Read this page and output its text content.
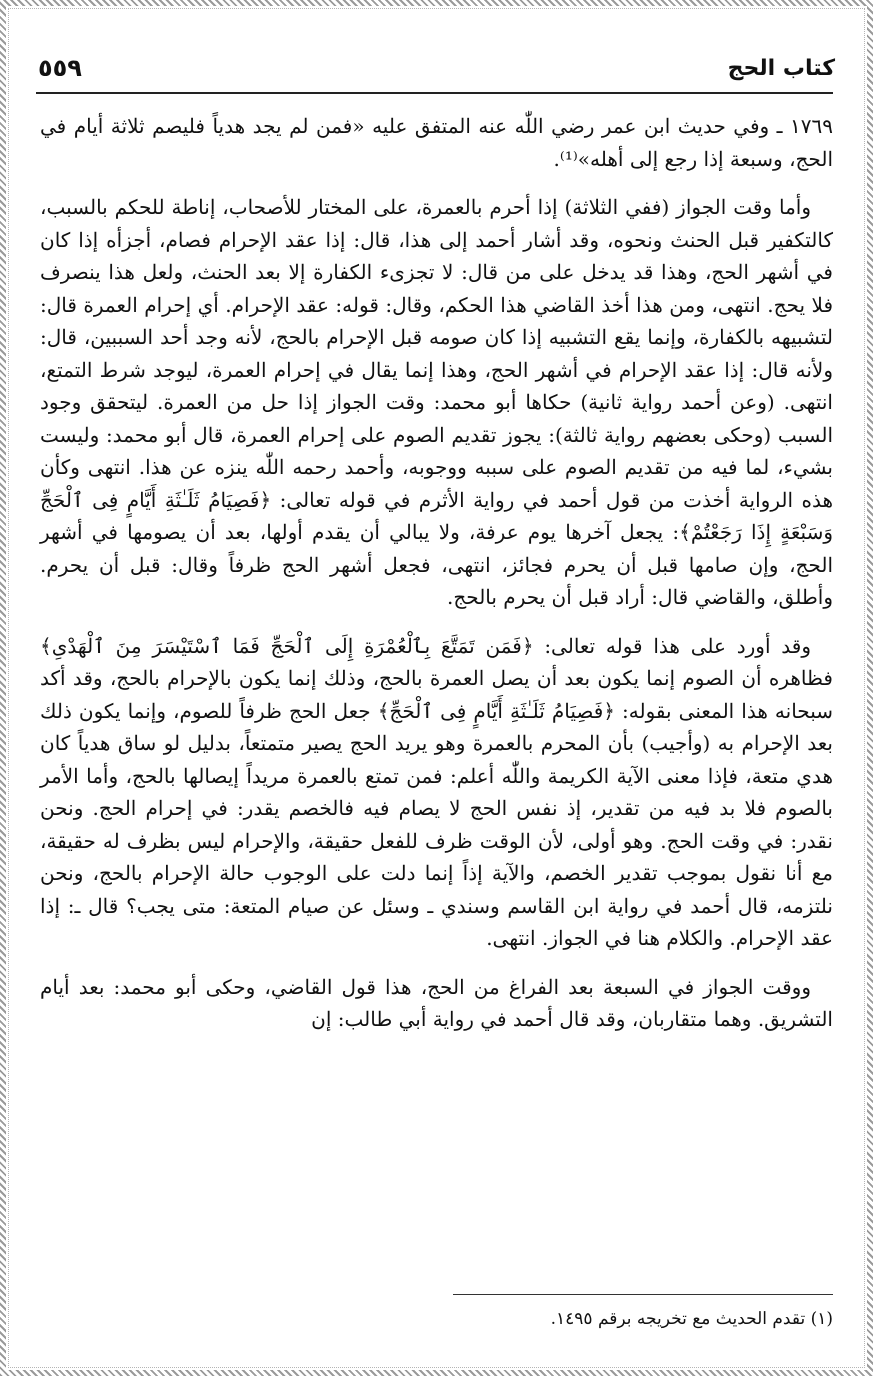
كتاب الحج
٥٥٩

١٧٦٩ ـ وفي حديث ابن عمر رضي اللّٰه عنه المتفق عليه «فمن لم يجد هدياً فليصم ثلاثة أيام في الحج، وسبعة إذا رجع إلى أهله»⁽¹⁾.

وأما وقت الجواز (ففي الثلاثة) إذا أحرم بالعمرة، على المختار للأصحاب، إناطة للحكم بالسبب، كالتكفير قبل الحنث ونحوه، وقد أشار أحمد إلى هذا، قال: إذا عقد الإحرام فصام، أجزأه إذا كان في أشهر الحج، وهذا قد يدخل على من قال: لا تجزىء الكفارة إلا بعد الحنث، ولعل هذا ينصرف فلا يحج. انتهى، ومن هذا أخذ القاضي هذا الحكم، وقال: قوله: عقد الإحرام. أي إحرام العمرة قال: لتشبيهه بالكفارة، وإنما يقع التشبيه إذا كان صومه قبل الإحرام بالحج، لأنه وجد أحد السببين، قال: ولأنه قال: إذا عقد الإحرام في أشهر الحج، وهذا إنما يقال في إحرام العمرة، ليوجد شرط التمتع، انتهى. (وعن أحمد رواية ثانية) حكاها أبو محمد: وقت الجواز إذا حل من العمرة. ليتحقق وجود السبب (وحكى بعضهم رواية ثالثة): يجوز تقديم الصوم على إحرام العمرة، قال أبو محمد: وليست بشيء، لما فيه من تقديم الصوم على سببه ووجوبه، وأحمد رحمه اللّٰه ينزه عن هذا. انتهى وكأن هذه الرواية أخذت من قول أحمد في رواية الأثرم في قوله تعالى: ﴿فَصِيَامُ ثَلَـٰثَةِ أَيَّامٍ فِى ٱلْحَجِّ وَسَبْعَةٍ إِذَا رَجَعْتُمْ﴾: يجعل آخرها يوم عرفة، ولا يبالي أن يقدم أولها، بعد أن يصومها في أشهر الحج، وإن صامها قبل أن يحرم فجائز، انتهى، فجعل أشهر الحج ظرفاً وقال: قبل أن يحرم. وأطلق، والقاضي قال: أراد قبل أن يحرم بالحج.

وقد أورد على هذا قوله تعالى: ﴿فَمَن تَمَتَّعَ بِٱلْعُمْرَةِ إِلَى ٱلْحَجِّ فَمَا ٱسْتَيْسَرَ مِنَ ٱلْهَدْىِ﴾ فظاهره أن الصوم إنما يكون بعد أن يصل العمرة بالحج، وذلك إنما يكون بالإحرام بالحج، وقد أكد سبحانه هذا المعنى بقوله: ﴿فَصِيَامُ ثَلَـٰثَةِ أَيَّامٍ فِى ٱلْحَجِّ﴾ جعل الحج ظرفاً للصوم، وإنما يكون ذلك بعد الإحرام به (وأجيب) بأن المحرم بالعمرة وهو يريد الحج يصير متمتعاً، بدليل لو ساق هدياً كان هدي متعة، فإذا معنى الآية الكريمة واللّٰه أعلم: فمن تمتع بالعمرة مريداً إيصالها بالحج، وأما الأمر بالصوم فلا بد فيه من تقدير، إذ نفس الحج لا يصام فيه فالخصم يقدر: في إحرام الحج. ونحن نقدر: في وقت الحج. وهو أولى، لأن الوقت ظرف للفعل حقيقة، والإحرام ليس بظرف له حقيقة، مع أنا نقول بموجب تقدير الخصم، والآية إذاً إنما دلت على الوجوب حالة الإحرام بالحج، ونحن نلتزمه، قال أحمد في رواية ابن القاسم وسندي ـ وسئل عن صيام المتعة: متى يجب؟ قال ـ: إذا عقد الإحرام. والكلام هنا في الجواز. انتهى.

ووقت الجواز في السبعة بعد الفراغ من الحج، هذا قول القاضي، وحكى أبو محمد: بعد أيام التشريق. وهما متقاربان، وقد قال أحمد في رواية أبي طالب: إن

(١) تقدم الحديث مع تخريجه برقم ١٤٩٥.
